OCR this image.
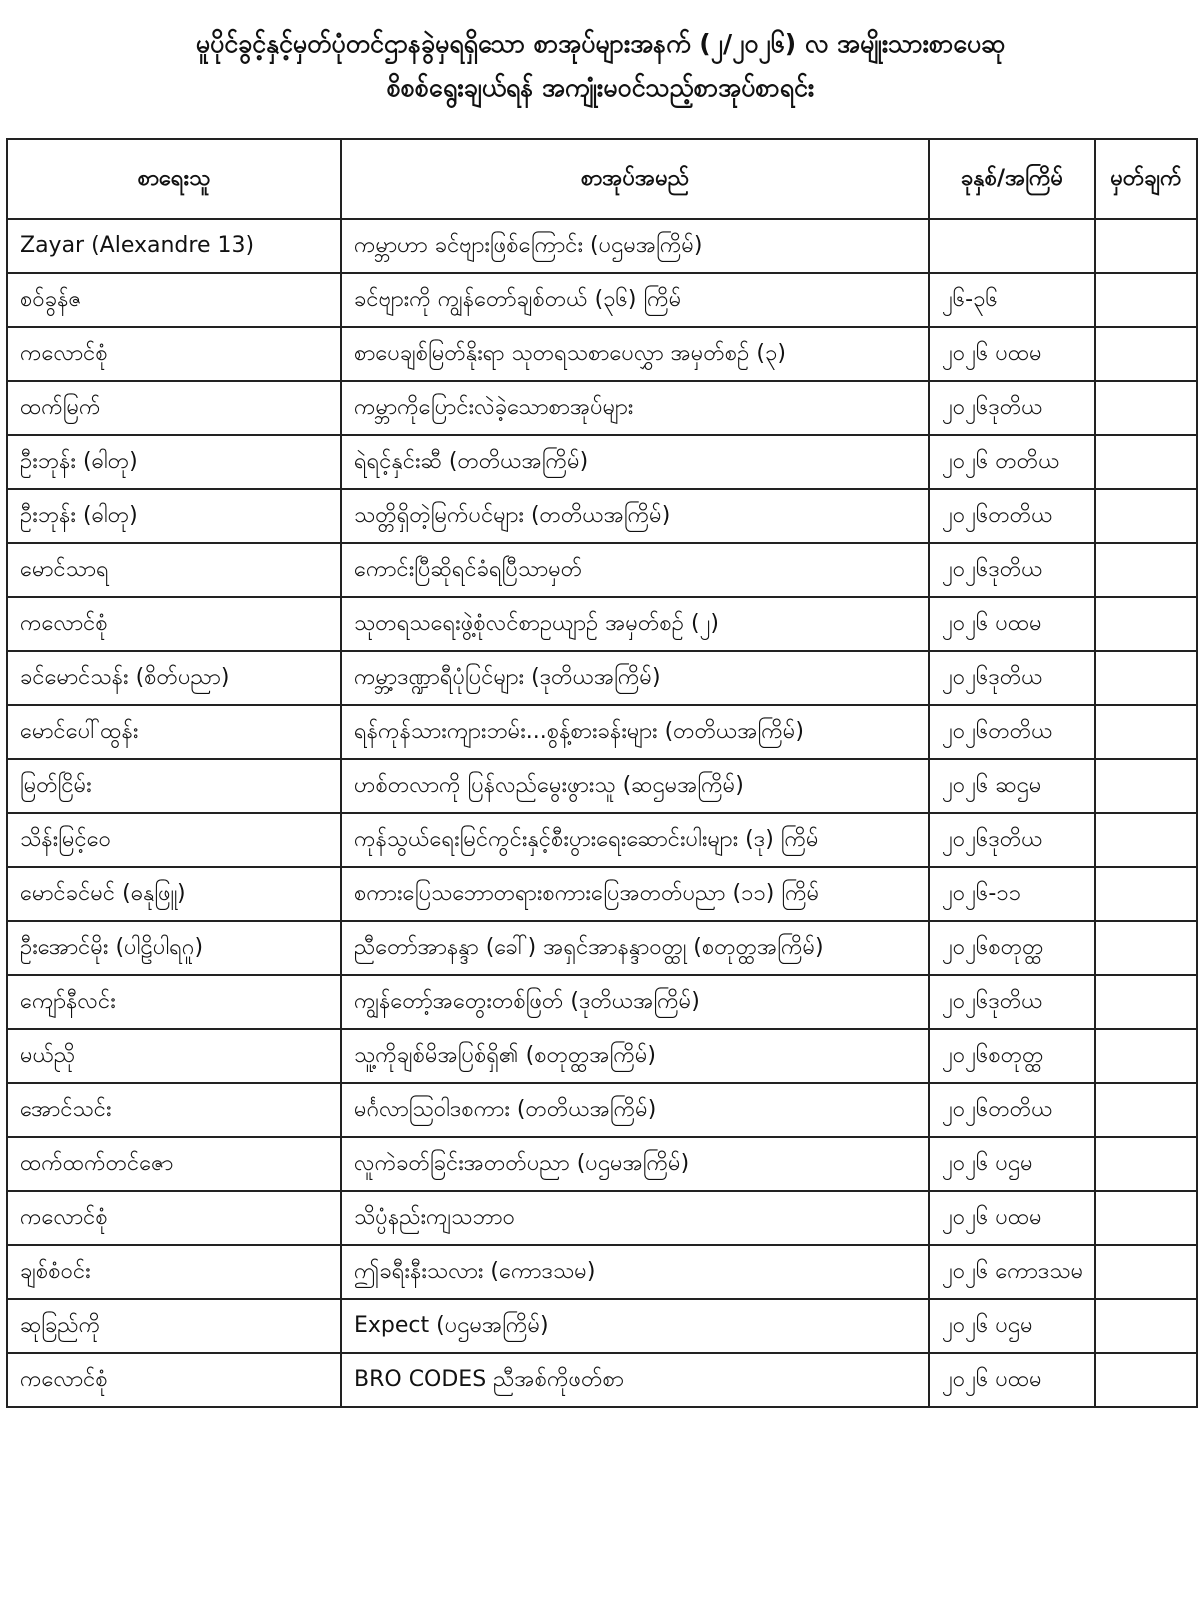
မူပိုင်ခွင့်နှင့်မှတ်ပုံတင်ဌာနခွဲမှရရှိသော စာအုပ်များအနက် (၂/၂၀၂၆) လ အမျိုးသားစာပေဆု
စိစစ်ရွေးချယ်ရန် အကျုံးမဝင်သည့်စာအုပ်စာရင်း
စာရေးသူ	စာအုပ်အမည်	ခုနှစ်/အကြိမ်	မှတ်ချက်
Zayar (Alexandre 13)	ကမ္ဘာဟာ ခင်ဗျားဖြစ်ကြောင်း (ပဌမအကြိမ်)		
စဝ်ခွန်ဇ	ခင်ဗျားကို ကျွန်တော်ချစ်တယ် (၃၆) ကြိမ်	၂၆-၃၆	
ကလောင်စုံ	စာပေချစ်မြတ်နိုးရာ သုတရသစာပေလွှာ အမှတ်စဉ် (၃)	၂၀၂၆ ပထမ	
ထက်မြက်	ကမ္ဘာကိုပြောင်းလဲခဲ့သောစာအုပ်များ	၂၀၂၆ဒုတိယ	
ဦးဘုန်း (ဓါတု)	ရဲရင့်နှင်းဆီ (တတိယအကြိမ်)	၂၀၂၆ တတိယ	
ဦးဘုန်း (ဓါတု)	သတ္တိရှိတဲ့မြက်ပင်များ (တတိယအကြိမ်)	၂၀၂၆တတိယ	
မောင်သာရ	ကောင်းပြီဆိုရင်ခံရပြီသာမှတ်	၂၀၂၆ဒုတိယ	
ကလောင်စုံ	သုတရသရေးဖွဲ့စုံလင်စာဥယျာဉ် အမှတ်စဉ် (၂)	၂၀၂၆ ပထမ	
ခင်မောင်သန်း (စိတ်ပညာ)	ကမ္ဘာ့ဒဏ္ဍာရီပုံပြင်များ (ဒုတိယအကြိမ်)	၂၀၂၆ဒုတိယ	
မောင်ပေါ်ထွန်း	ရန်ကုန်သားကျားဘမ်း...စွန့်စားခန်းများ (တတိယအကြိမ်)	၂၀၂၆တတိယ	
မြတ်ငြိမ်း	ဟစ်တလာကို ပြန်လည်မွေးဖွားသူ (ဆဌမအကြိမ်)	၂၀၂၆ ဆဌမ	
သိန်းမြင့်ဝေ	ကုန်သွယ်ရေးမြင်ကွင်းနှင့်စီးပွားရေးဆောင်းပါးများ (ဒု) ကြိမ်	၂၀၂၆ဒုတိယ	
မောင်ခင်မင် (ဓနုဖြူ)	စကားပြေသဘောတရားစကားပြေအတတ်ပညာ (၁၁) ကြိမ်	၂၀၂၆-၁၁	
ဦးအောင်မိုး (ပါဠိပါရဂူ)	ညီတော်အာနန္ဒာ (ခေါ်) အရှင်အာနန္ဒာဝတ္ထု (စတုတ္ထအကြိမ်)	၂၀၂၆စတုတ္ထ	
ကျော်နီလင်း	ကျွန်တော့်အတွေးတစ်ဖြတ် (ဒုတိယအကြိမ်)	၂၀၂၆ဒုတိယ	
မယ်ညို	သူ့ကိုချစ်မိအပြစ်ရှိ၏ (စတုတ္ထအကြိမ်)	၂၀၂၆စတုတ္ထ	
အောင်သင်း	မင်္ဂလာသြဝါဒစကား (တတိယအကြိမ်)	၂၀၂၆တတိယ	
ထက်ထက်တင်ဇော	လူကဲခတ်ခြင်းအတတ်ပညာ (ပဌမအကြိမ်)	၂၀၂၆ ပဌမ	
ကလောင်စုံ	သိပ္ပံနည်းကျသဘာဝ	၂၀၂၆ ပထမ	
ချစ်စံဝင်း	ဤခရီးနီးသလား (ကောဒသမ)	၂၀၂၆ ကောဒသမ	
ဆုခြည်ကို	Expect (ပဌမအကြိမ်)	၂၀၂၆ ပဌမ	
ကလောင်စုံ	BRO CODES ညီအစ်ကိုဖတ်စာ	၂၀၂၆ ပထမ	
